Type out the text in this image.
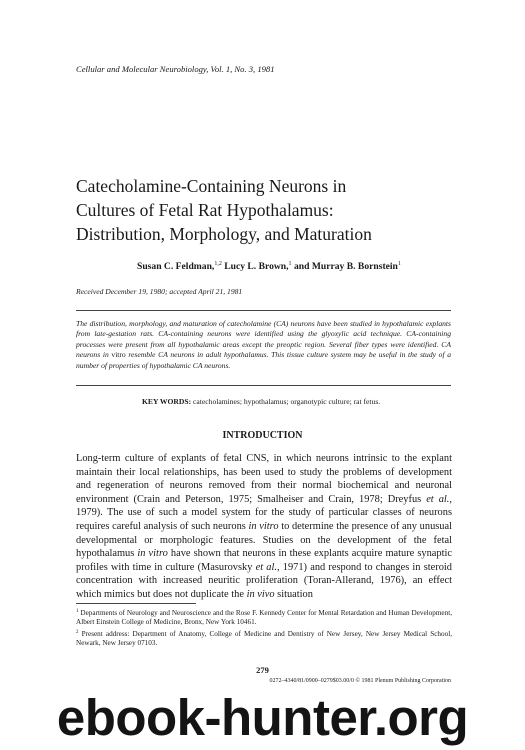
Cellular and Molecular Neurobiology, Vol. 1, No. 3, 1981
Catecholamine-Containing Neurons in
Cultures of Fetal Rat Hypothalamus:
Distribution, Morphology, and Maturation
Susan C. Feldman,$^{1,2}$ Lucy L. Brown,$^1$ and Murray B. Bornstein$^1$
Received December 19, 1980; accepted April 21, 1981
The distribution, morphology, and maturation of catecholamine (CA) neurons have been studied in hypothalamic explants from late-gestation rats. CA-containing neurons were identified using the glyoxylic acid technique. CA-containing processes were present from all hypothalamic areas except the preoptic region. Several fiber types were identified. CA neurons in vitro resemble CA neurons in adult hypothalamus. This tissue culture system may be useful in the study of a number of properties of hypothalamic CA neurons.
KEY WORDS: catecholamines; hypothalamus; organotypic culture; rat fetus.
INTRODUCTION
Long-term culture of explants of fetal CNS, in which neurons intrinsic to the explant maintain their local relationships, has been used to study the problems of development and regeneration of neurons removed from their normal biochemical and neuronal environment (Crain and Peterson, 1975; Smalheiser and Crain, 1978; Dreyfus et al., 1979). The use of such a model system for the study of particular classes of neurons requires careful analysis of such neurons in vitro to determine the presence of any unusual developmental or morphologic features. Studies on the development of the fetal hypothalamus in vitro have shown that neurons in these explants acquire mature synaptic profiles with time in culture (Masurovsky et al., 1971) and respond to changes in steroid concentration with increased neuritic proliferation (Toran-Allerand, 1976), an effect which mimics but does not duplicate the in vivo situation
$^1$ Departments of Neurology and Neuroscience and the Rose F. Kennedy Center for Mental Retardation and Human Development, Albert Einstein College of Medicine, Bronx, New York 10461.
$^2$ Present address: Department of Anatomy, College of Medicine and Dentistry of New Jersey, New Jersey Medical School, Newark, New Jersey 07103.
279
0272–4340/81/0900–0279$03.00/0 © 1981 Plenum Publishing Corporation
ebook-hunter.org
